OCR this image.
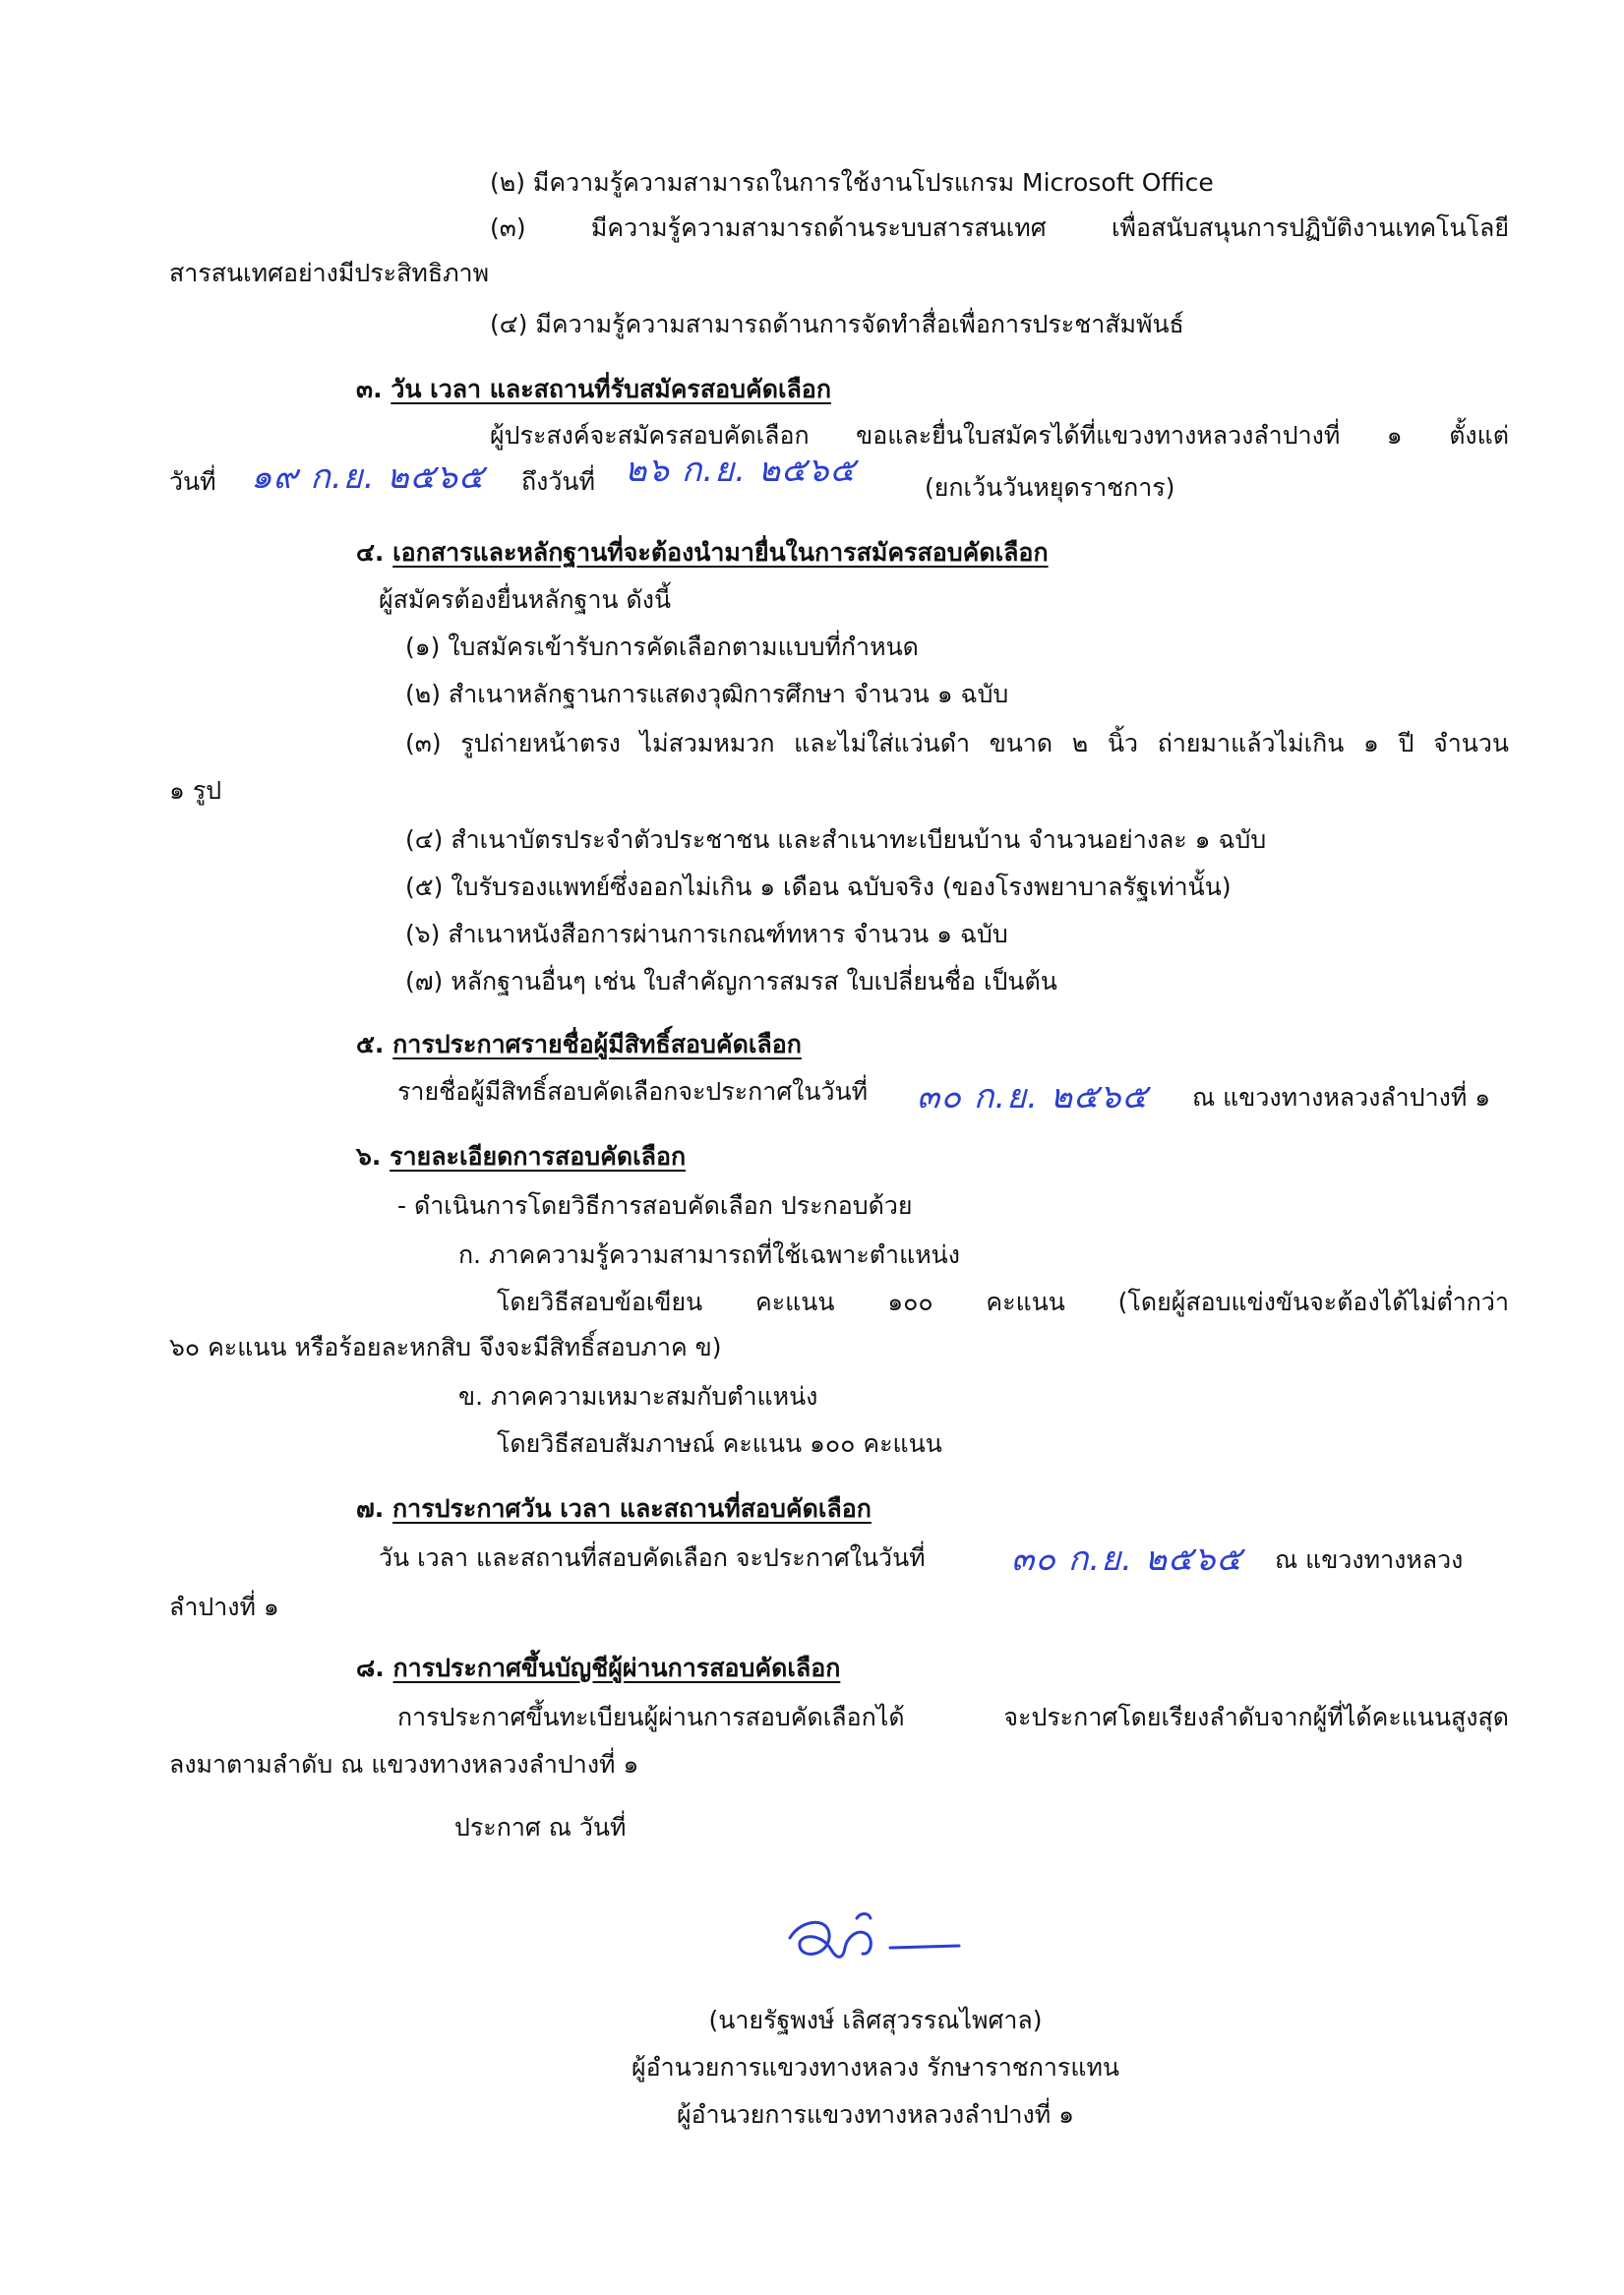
(๒) มีความรู้ความสามารถในการใช้งานโปรแกรม Microsoft Office
(๓) มีความรู้ความสามารถด้านระบบสารสนเทศ เพื่อสนับสนุนการปฏิบัติงานเทคโนโลยี
สารสนเทศอย่างมีประสิทธิภาพ
(๔) มีความรู้ความสามารถด้านการจัดทำสื่อเพื่อการประชาสัมพันธ์
๓. วัน เวลา และสถานที่รับสมัครสอบคัดเลือก
ผู้ประสงค์จะสมัครสอบคัดเลือก ขอและยื่นใบสมัครได้ที่แขวงทางหลวงลำปางที่ ๑ ตั้งแต่
วันที่ ๑๙ ก.ย. ๒๕๖๕ ถึงวันที่ ๒๖ ก.ย. ๒๕๖๕	(ยกเว้นวันหยุดราชการ)
๔. เอกสารและหลักฐานที่จะต้องนำมายื่นในการสมัครสอบคัดเลือก
ผู้สมัครต้องยื่นหลักฐาน ดังนี้
(๑) ใบสมัครเข้ารับการคัดเลือกตามแบบที่กำหนด
(๒) สำเนาหลักฐานการแสดงวุฒิการศึกษา จำนวน ๑ ฉบับ
(๓) รูปถ่ายหน้าตรง ไม่สวมหมวก และไม่ใส่แว่นดำ ขนาด ๒ นิ้ว ถ่ายมาแล้วไม่เกิน ๑ ปี จำนวน
๑ รูป
(๔) สำเนาบัตรประจำตัวประชาชน และสำเนาทะเบียนบ้าน จำนวนอย่างละ ๑ ฉบับ
(๕) ใบรับรองแพทย์ซึ่งออกไม่เกิน ๑ เดือน ฉบับจริง (ของโรงพยาบาลรัฐเท่านั้น)
(๖) สำเนาหนังสือการผ่านการเกณฑ์ทหาร จำนวน ๑ ฉบับ
(๗) หลักฐานอื่นๆ เช่น ใบสำคัญการสมรส ใบเปลี่ยนชื่อ เป็นต้น
๕. การประกาศรายชื่อผู้มีสิทธิ์สอบคัดเลือก
รายชื่อผู้มีสิทธิ์สอบคัดเลือกจะประกาศในวันที่ ๓๐ ก.ย. ๒๕๖๕ ณ แขวงทางหลวงลำปางที่ ๑
๖. รายละเอียดการสอบคัดเลือก
- ดำเนินการโดยวิธีการสอบคัดเลือก ประกอบด้วย
ก. ภาคความรู้ความสามารถที่ใช้เฉพาะตำแหน่ง
โดยวิธีสอบข้อเขียน คะแนน ๑๐๐ คะแนน (โดยผู้สอบแข่งขันจะต้องได้ไม่ต่ำกว่า
๖๐ คะแนน หรือร้อยละหกสิบ จึงจะมีสิทธิ์สอบภาค ข)
ข. ภาคความเหมาะสมกับตำแหน่ง
โดยวิธีสอบสัมภาษณ์ คะแนน ๑๐๐ คะแนน
๗. การประกาศวัน เวลา และสถานที่สอบคัดเลือก
วัน เวลา และสถานที่สอบคัดเลือก จะประกาศในวันที่	๓๐ ก.ย. ๒๕๖๕ ณ แขวงทางหลวง
ลำปางที่ ๑
๘. การประกาศขึ้นบัญชีผู้ผ่านการสอบคัดเลือก
การประกาศขึ้นทะเบียนผู้ผ่านการสอบคัดเลือกได้ จะประกาศโดยเรียงลำดับจากผู้ที่ได้คะแนนสูงสุด
ลงมาตามลำดับ ณ แขวงทางหลวงลำปางที่ ๑
ประกาศ ณ วันที่
(นายรัฐพงษ์ เลิศสุวรรณไพศาล)
ผู้อำนวยการแขวงทางหลวง รักษาราชการแทน
ผู้อำนวยการแขวงทางหลวงลำปางที่ ๑
